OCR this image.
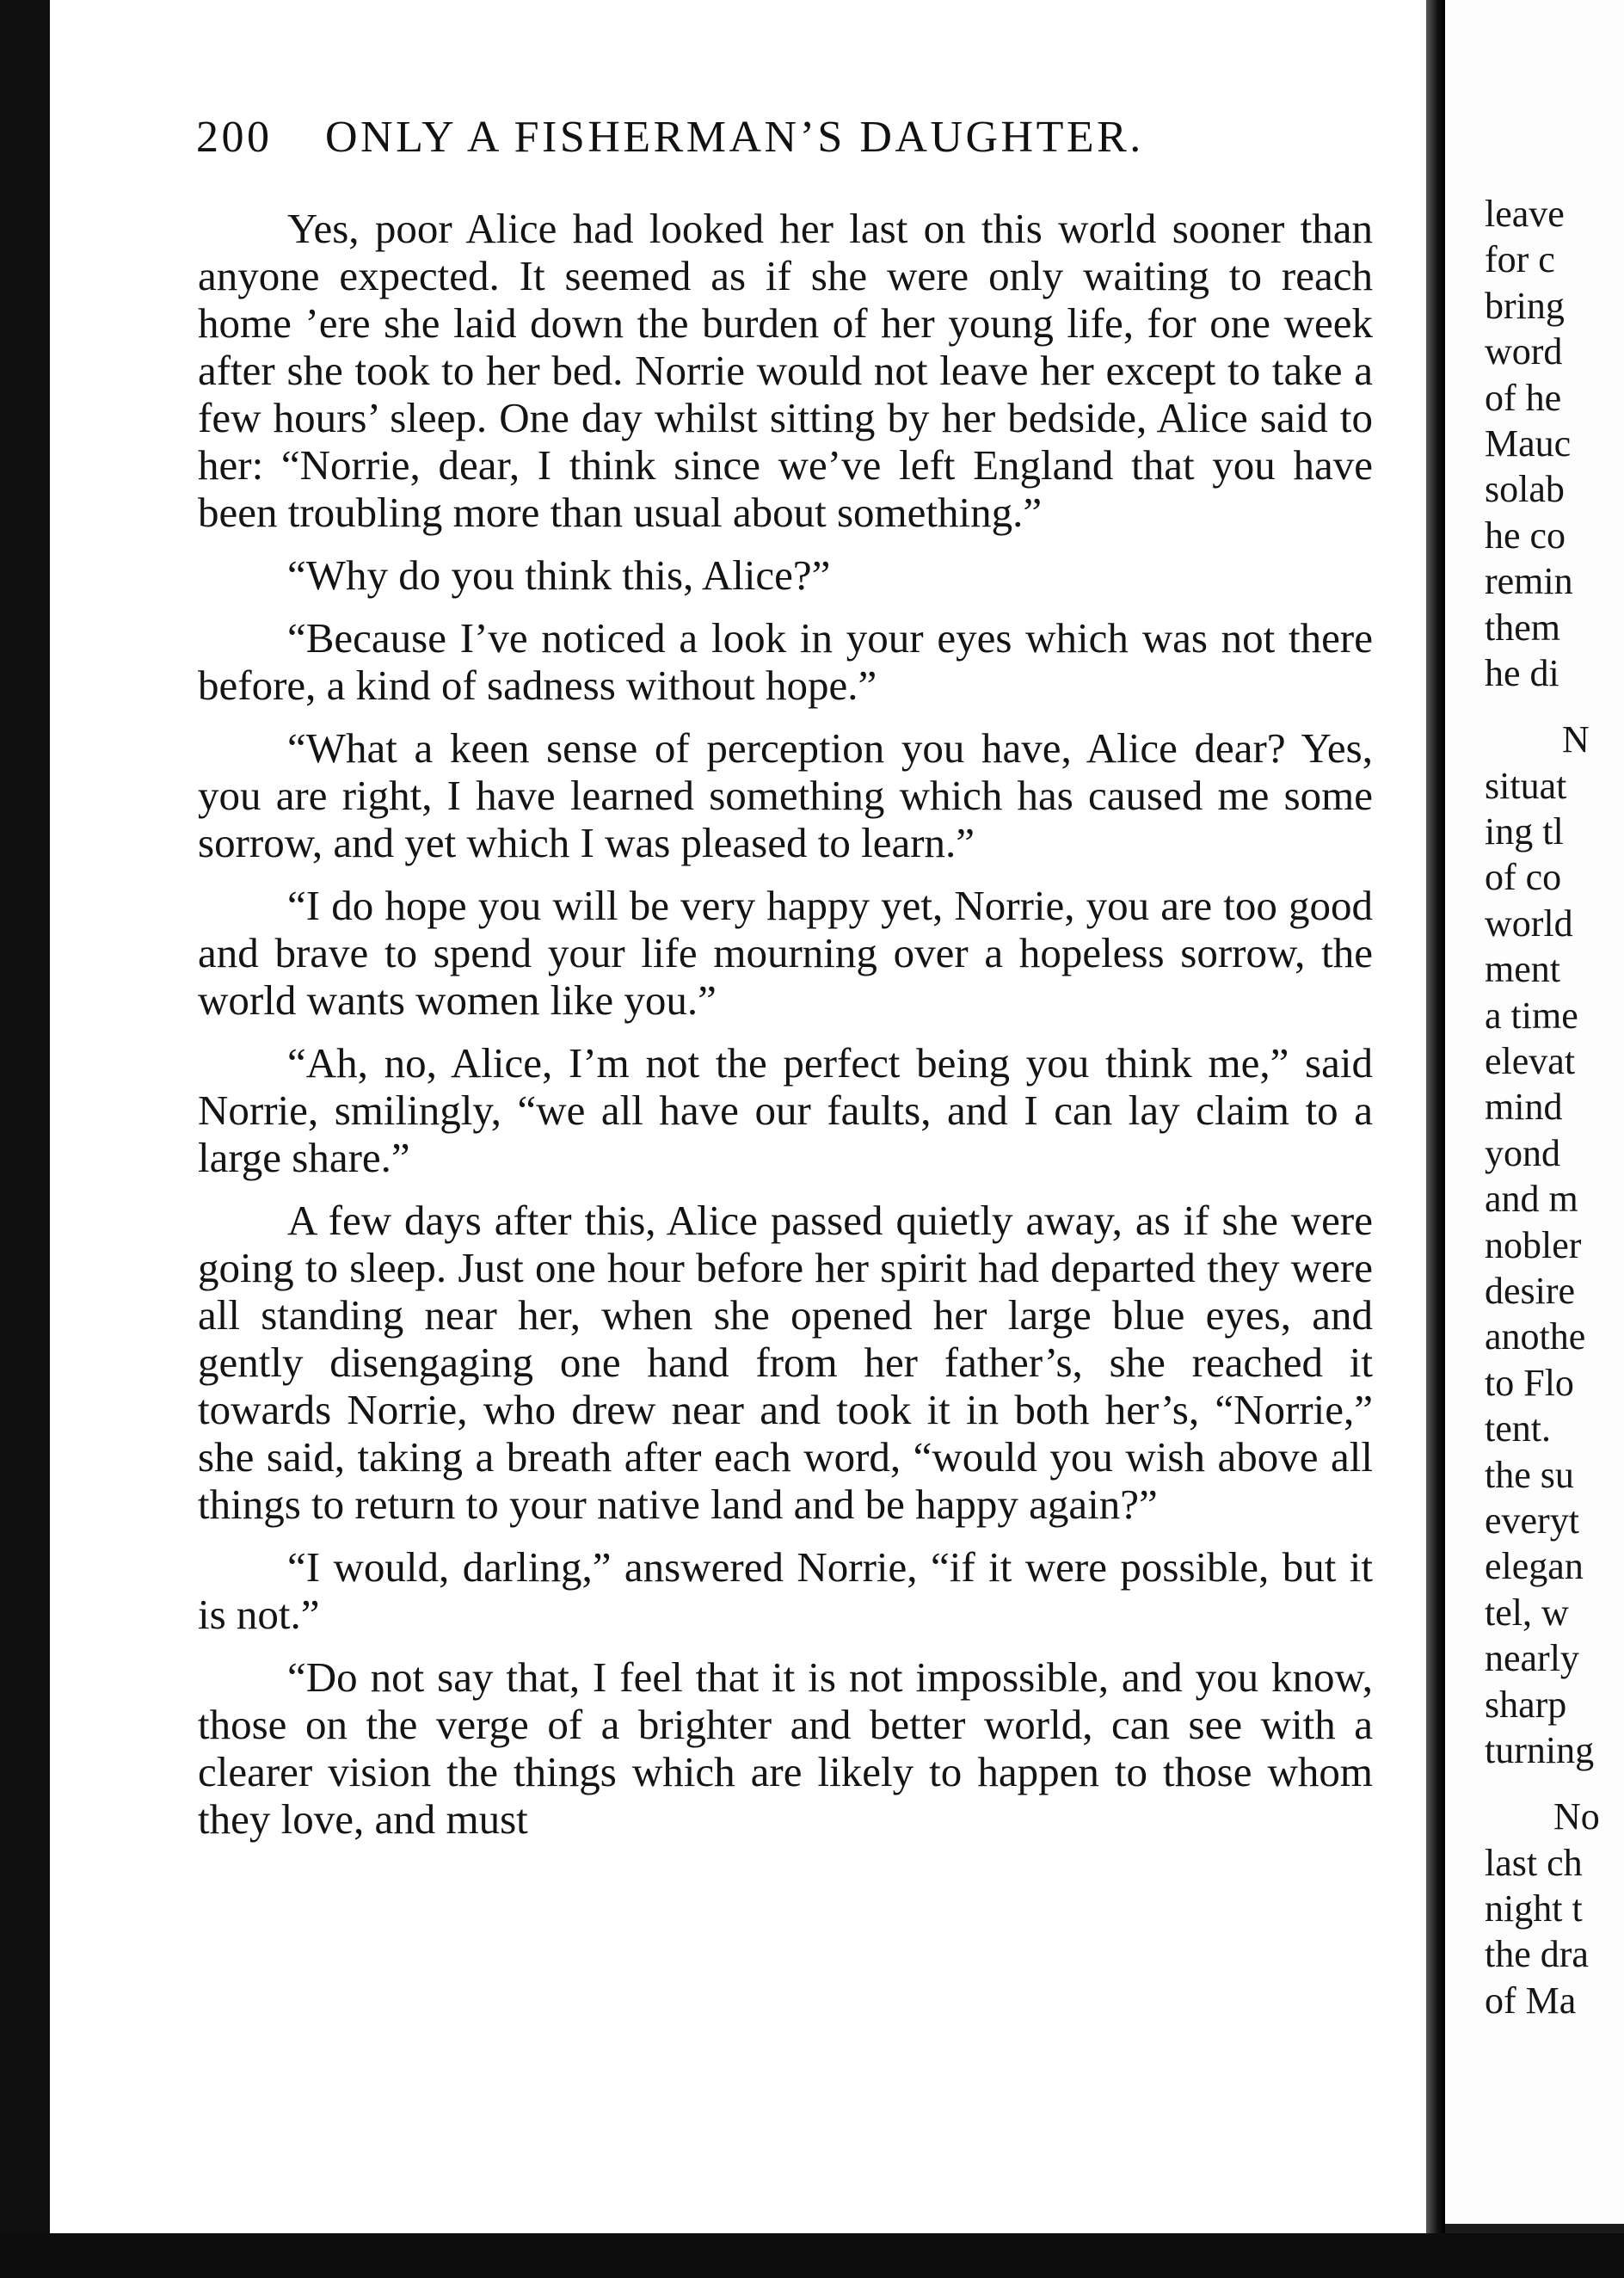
200 ONLY A FISHERMAN’S DAUGHTER.

Yes, poor Alice had looked her last on this world sooner than anyone expected. It seemed as if she were only waiting to reach home ’ere she laid down the burden of her young life, for one week after she took to her bed. Norrie would not leave her except to take a few hours’ sleep. One day whilst sitting by her bedside, Alice said to her: “Norrie, dear, I think since we’ve left England that you have been troubling more than usual about something.”

“Why do you think this, Alice?”

“Because I’ve noticed a look in your eyes which was not there before, a kind of sadness without hope.”

“What a keen sense of perception you have, Alice dear? Yes, you are right, I have learned something which has caused me some sorrow, and yet which I was pleased to learn.”

“I do hope you will be very happy yet, Norrie, you are too good and brave to spend your life mourning over a hopeless sorrow, the world wants women like you.”

“Ah, no, Alice, I’m not the perfect being you think me,” said Norrie, smilingly, “we all have our faults, and I can lay claim to a large share.”

A few days after this, Alice passed quietly away, as if she were going to sleep. Just one hour before her spirit had departed they were all standing near her, when she opened her large blue eyes, and gently disengaging one hand from her father’s, she reached it towards Norrie, who drew near and took it in both her’s, “Norrie,” she said, taking a breath after each word, “would you wish above all things to return to your native land and be happy again?”

“I would, darling,” answered Norrie, “if it were possible, but it is not.”

“Do not say that, I feel that it is not impossible, and you know, those on the verge of a brighter and better world, can see with a clearer vision the things which are likely to happen to those whom they love, and must

leave
for c
bring
word
of he
Mauc
solab
he co
remin
them
he di
N
situat
ing tl
of co
world
ment
a time
elevat
mind
yond
and m
nobler
desire
anothe
to Flo
tent.
the su
everyt
elegan
tel, w
nearly
sharp
turning
No
last ch
night t
the dra
of Ma
